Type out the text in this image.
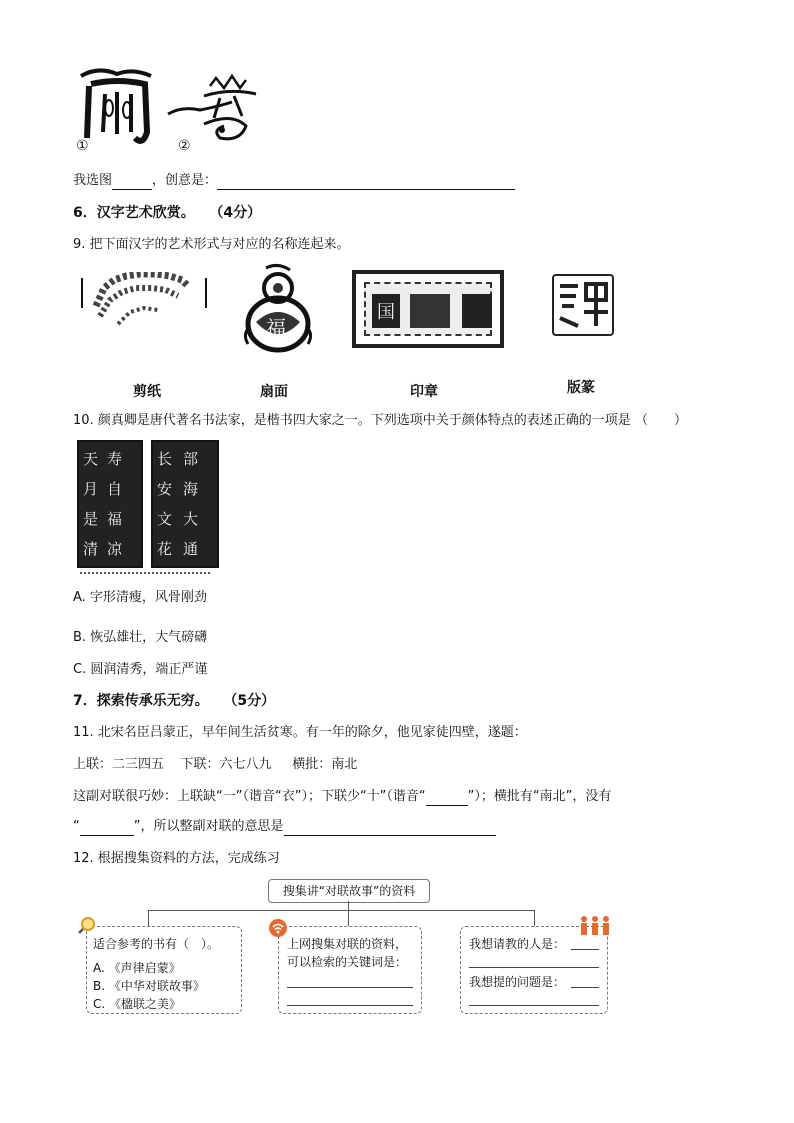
①	②
我选图	，创意是：
6．汉字艺术欣赏。 （4分）
9. 把下面汉字的艺术形式与对应的名称连起来。
福
国
剪纸	扇面	印章	版篆
10. 颜真卿是唐代著名书法家，是楷书四大家之一。下列选项中关于颜体特点的表述正确的一项是 （　　）
天 寿
月 自
是 福
清 凉
长 部
安 海
文 大
花 通
A. 字形清瘦，风骨刚劲
B. 恢弘雄壮，大气磅礴
C. 圆润清秀，端正严谨
7．探索传承乐无穷。 （5分）
11. 北宋名臣吕蒙正，早年间生活贫寒。有一年的除夕，他见家徒四壁，遂题：
上联：二三四五 下联：六七八九 横批：南北
这副对联很巧妙：上联缺“一”（谐音“衣”）；下联少“十”（谐音“	”）；横批有“南北”，没有
“	”，所以整副对联的意思是
12. 根据搜集资料的方法，完成练习
搜集讲“对联故事”的资料
适合参考的书有（　）。
A. 《声律启蒙》
B. 《中华对联故事》
C. 《楹联之美》
上网搜集对联的资料，
可以检索的关键词是：
我想请教的人是：
我想提的问题是：
